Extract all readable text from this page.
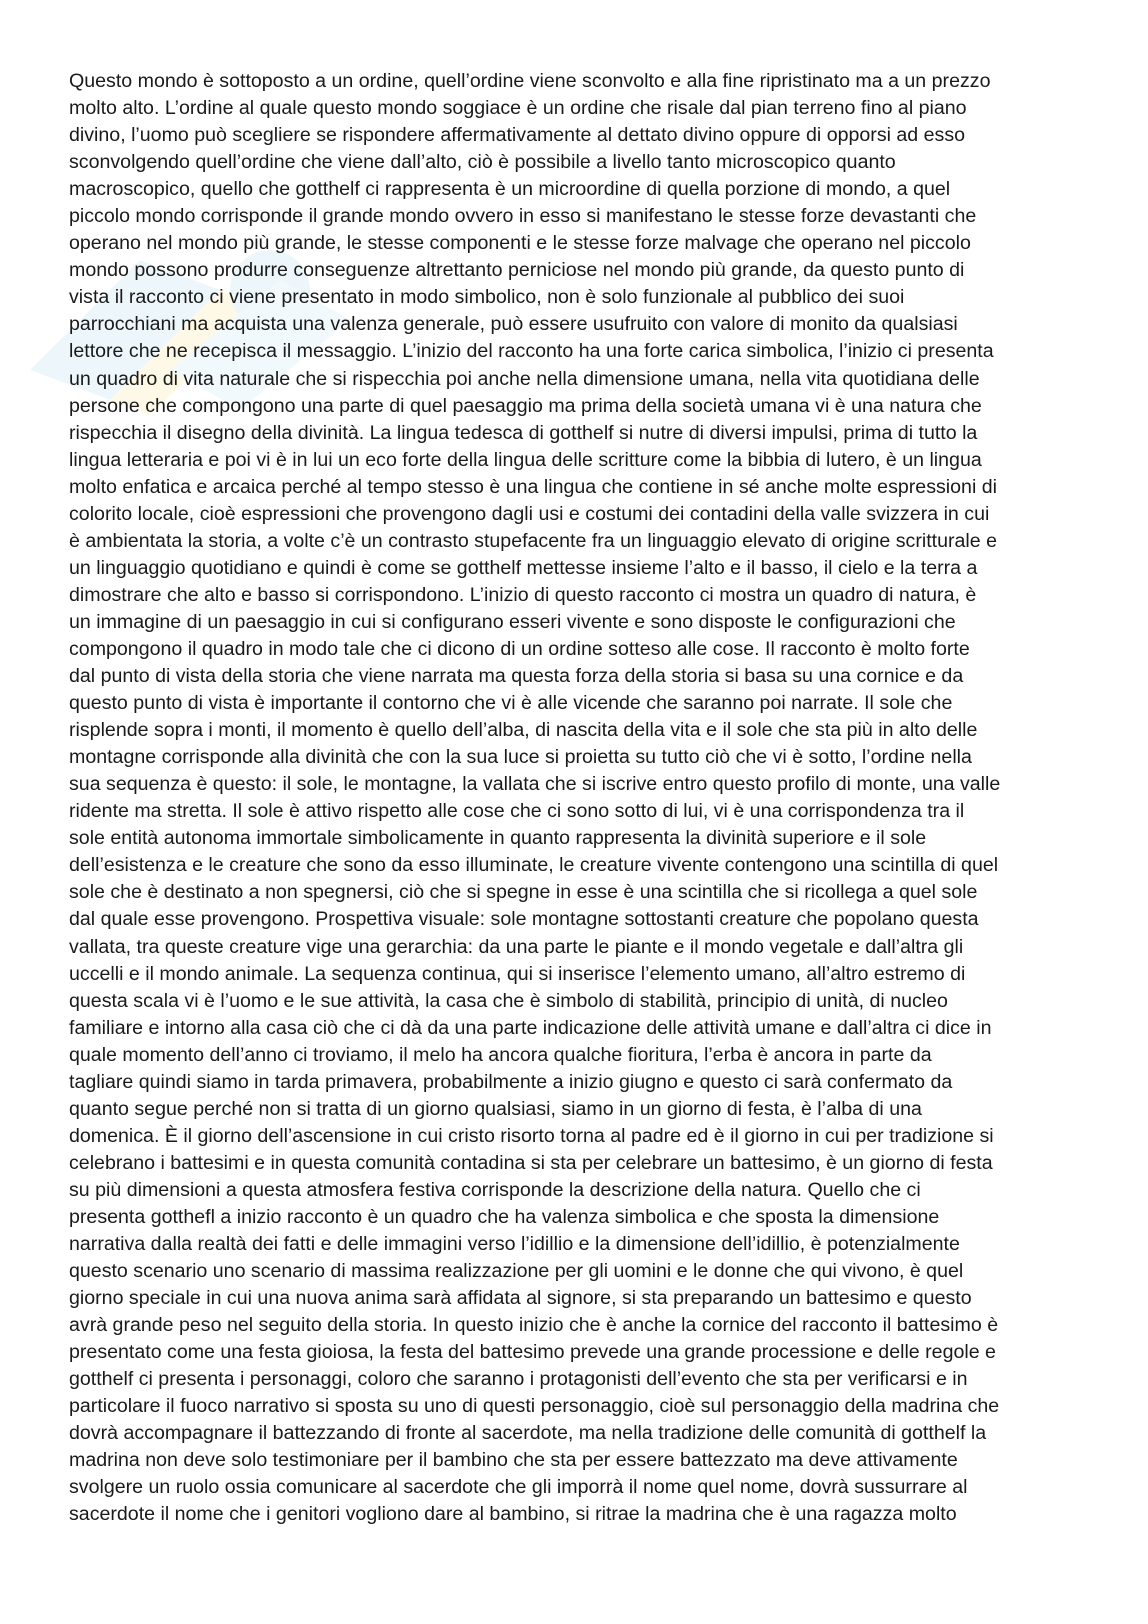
Questo mondo è sottoposto a un ordine, quell’ordine viene sconvolto e alla fine ripristinato ma a un prezzo
molto alto. L’ordine al quale questo mondo soggiace è un ordine che risale dal pian terreno fino al piano
divino, l’uomo può scegliere se rispondere affermativamente al dettato divino oppure di opporsi ad esso
sconvolgendo quell’ordine che viene dall’alto, ciò è possibile a livello tanto microscopico quanto
macroscopico, quello che gotthelf ci rappresenta è un microordine di quella porzione di mondo, a quel
piccolo mondo corrisponde il grande mondo ovvero in esso si manifestano le stesse forze devastanti che
operano nel mondo più grande, le stesse componenti e le stesse forze malvage che operano nel piccolo
mondo possono produrre conseguenze altrettanto perniciose nel mondo più grande, da questo punto di
vista il racconto ci viene presentato in modo simbolico, non è solo funzionale al pubblico dei suoi
parrocchiani ma acquista una valenza generale, può essere usufruito con valore di monito da qualsiasi
lettore che ne recepisca il messaggio. L’inizio del racconto ha una forte carica simbolica, l’inizio ci presenta
un quadro di vita naturale che si rispecchia poi anche nella dimensione umana, nella vita quotidiana delle
persone che compongono una parte di quel paesaggio ma prima della società umana vi è una natura che
rispecchia il disegno della divinità. La lingua tedesca di gotthelf si nutre di diversi impulsi, prima di tutto la
lingua letteraria e poi vi è in lui un eco forte della lingua delle scritture come la bibbia di lutero, è un lingua
molto enfatica e arcaica perché al tempo stesso è una lingua che contiene in sé anche molte espressioni di
colorito locale, cioè espressioni che provengono dagli usi e costumi dei contadini della valle svizzera in cui
è ambientata la storia, a volte c’è un contrasto stupefacente fra un linguaggio elevato di origine scritturale e
un linguaggio quotidiano e quindi è come se gotthelf mettesse insieme l’alto e il basso, il cielo e la terra a
dimostrare che alto e basso si corrispondono. L’inizio di questo racconto ci mostra un quadro di natura, è
un immagine di un paesaggio in cui si configurano esseri vivente e sono disposte le configurazioni che
compongono il quadro in modo tale che ci dicono di un ordine sotteso alle cose. Il racconto è molto forte
dal punto di vista della storia che viene narrata ma questa forza della storia si basa su una cornice e da
questo punto di vista è importante il contorno che vi è alle vicende che saranno poi narrate. Il sole che
risplende sopra i monti, il momento è quello dell’alba, di nascita della vita e il sole che sta più in alto delle
montagne corrisponde alla divinità che con la sua luce si proietta su tutto ciò che vi è sotto, l’ordine nella
sua sequenza è questo: il sole, le montagne, la vallata che si iscrive entro questo profilo di monte, una valle
ridente ma stretta. Il sole è attivo rispetto alle cose che ci sono sotto di lui, vi è una corrispondenza tra il
sole entità autonoma immortale simbolicamente in quanto rappresenta la divinità superiore e il sole
dell’esistenza e le creature che sono da esso illuminate, le creature vivente contengono una scintilla di quel
sole che è destinato a non spegnersi, ciò che si spegne in esse è una scintilla che si ricollega a quel sole
dal quale esse provengono. Prospettiva visuale: sole montagne sottostanti creature che popolano questa
vallata, tra queste creature vige una gerarchia: da una parte le piante e il mondo vegetale e dall’altra gli
uccelli e il mondo animale. La sequenza continua, qui si inserisce l’elemento umano, all’altro estremo di
questa scala vi è l’uomo e le sue attività, la casa che è simbolo di stabilità, principio di unità, di nucleo
familiare e intorno alla casa ciò che ci dà da una parte indicazione delle attività umane e dall’altra ci dice in
quale momento dell’anno ci troviamo, il melo ha ancora qualche fioritura, l’erba è ancora in parte da
tagliare quindi siamo in tarda primavera, probabilmente a inizio giugno e questo ci sarà confermato da
quanto segue perché non si tratta di un giorno qualsiasi, siamo in un giorno di festa, è l’alba di una
domenica. È il giorno dell’ascensione in cui cristo risorto torna al padre ed è il giorno in cui per tradizione si
celebrano i battesimi e in questa comunità contadina si sta per celebrare un battesimo, è un giorno di festa
su più dimensioni a questa atmosfera festiva corrisponde la descrizione della natura. Quello che ci
presenta gotthefl a inizio racconto è un quadro che ha valenza simbolica e che sposta la dimensione
narrativa dalla realtà dei fatti e delle immagini verso l’idillio e la dimensione dell’idillio, è potenzialmente
questo scenario uno scenario di massima realizzazione per gli uomini e le donne che qui vivono, è quel
giorno speciale in cui una nuova anima sarà affidata al signore, si sta preparando un battesimo e questo
avrà grande peso nel seguito della storia. In questo inizio che è anche la cornice del racconto il battesimo è
presentato come una festa gioiosa, la festa del battesimo prevede una grande processione e delle regole e
gotthelf ci presenta i personaggi, coloro che saranno i protagonisti dell’evento che sta per verificarsi e in
particolare il fuoco narrativo si sposta su uno di questi personaggio, cioè sul personaggio della madrina che
dovrà accompagnare il battezzando di fronte al sacerdote, ma nella tradizione delle comunità di gotthelf la
madrina non deve solo testimoniare per il bambino che sta per essere battezzato ma deve attivamente
svolgere un ruolo ossia comunicare al sacerdote che gli imporrà il nome quel nome, dovrà sussurrare al
sacerdote il nome che i genitori vogliono dare al bambino, si ritrae la madrina che è una ragazza molto
